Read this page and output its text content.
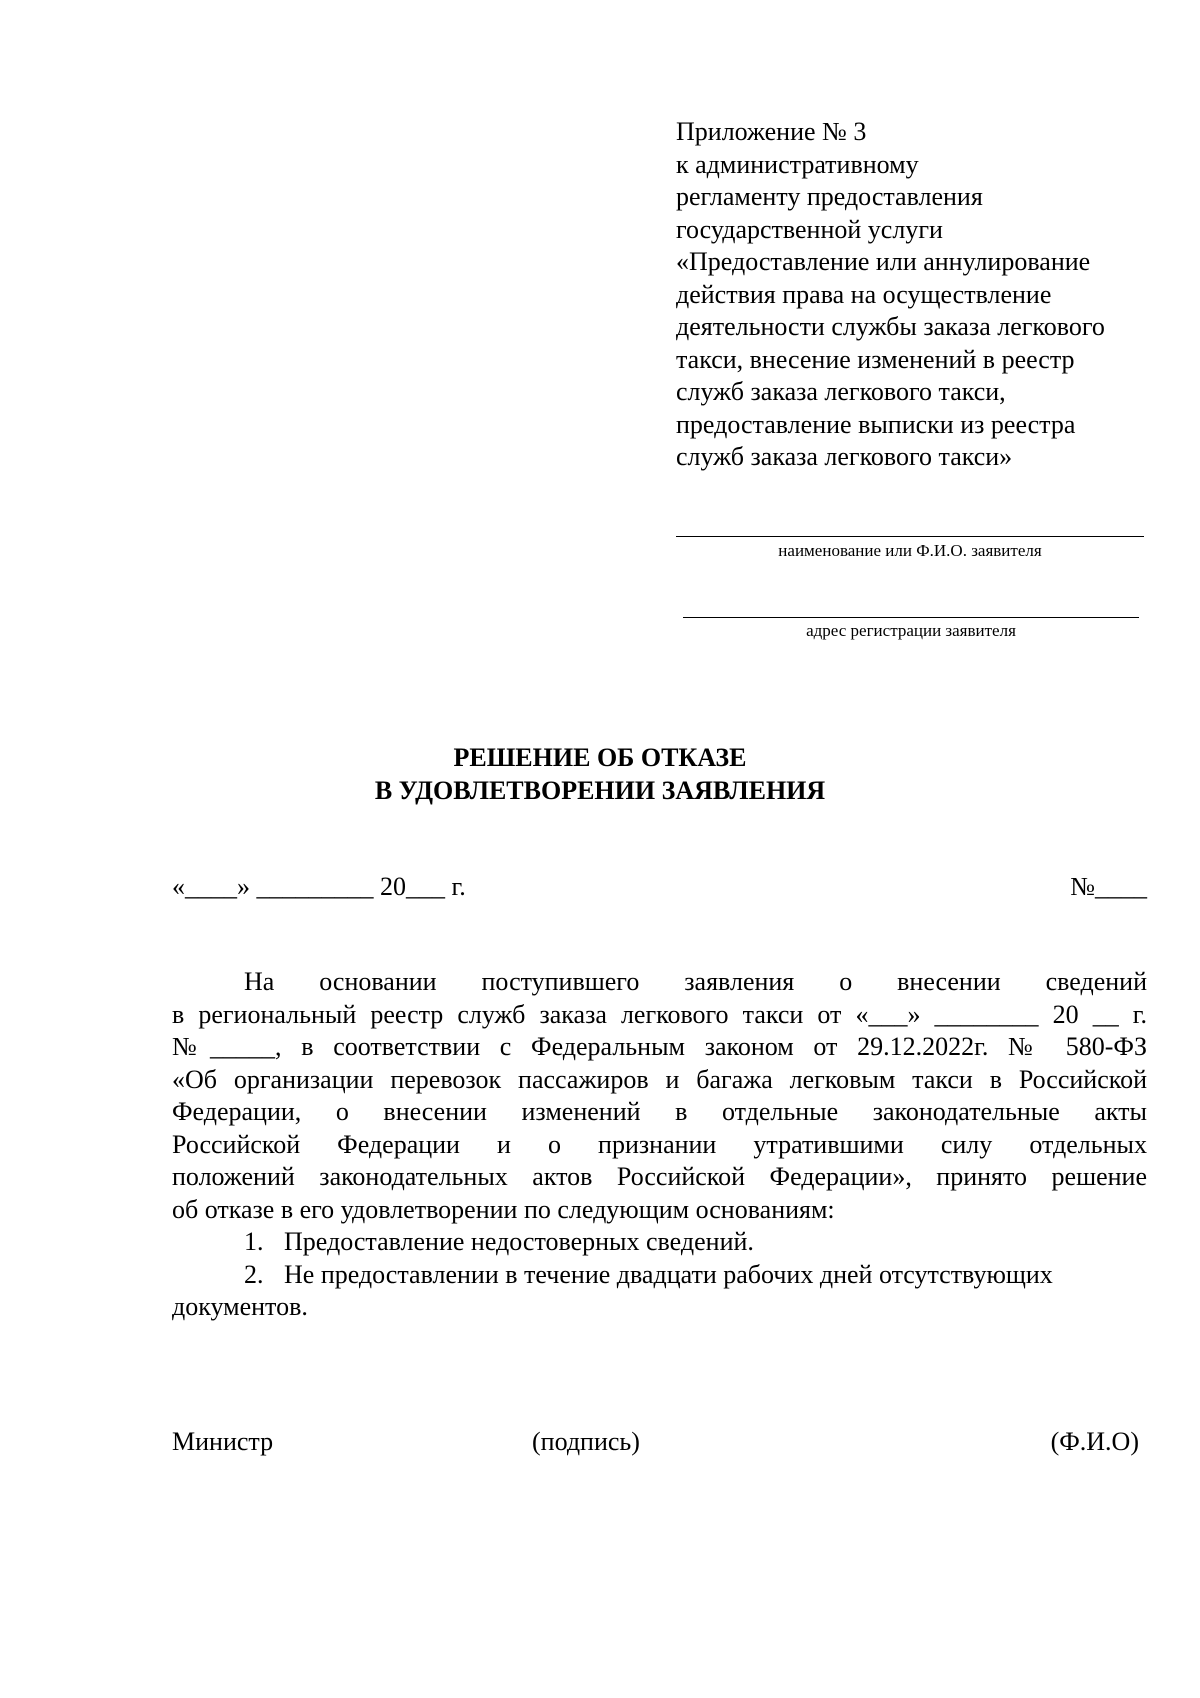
Приложение № 3
к административному
регламенту предоставления
государственной услуги
«Предоставление или аннулирование
действия права на осуществление
деятельности службы заказа легкового
такси, внесение изменений в реестр
служб заказа легкового такси,
предоставление выписки из реестра
служб заказа легкового такси»
наименование или Ф.И.О. заявителя
адрес регистрации заявителя
РЕШЕНИЕ ОБ ОТКАЗЕ
В УДОВЛЕТВОРЕНИИ ЗАЯВЛЕНИЯ
«____» _________ 20___ г.	№____
На основании поступившего заявления о внесении сведений
в региональный реестр служб заказа легкового такси от «___» ________ 20 __ г.
№_____, в соответствии с Федеральным законом от 29.12.2022г. № 580-ФЗ
«Об организации перевозок пассажиров и багажа легковым такси в Российской
Федерации, о внесении изменений в отдельные законодательные акты
Российской Федерации и о признании утратившими силу отдельных
положений законодательных актов Российской Федерации», принято решение
об отказе в его удовлетворении по следующим основаниям:
1. Предоставление недостоверных сведений.
2. Не предоставлении в течение двадцати рабочих дней отсутствующих
документов.
Министр	(подпись)	(Ф.И.О)
